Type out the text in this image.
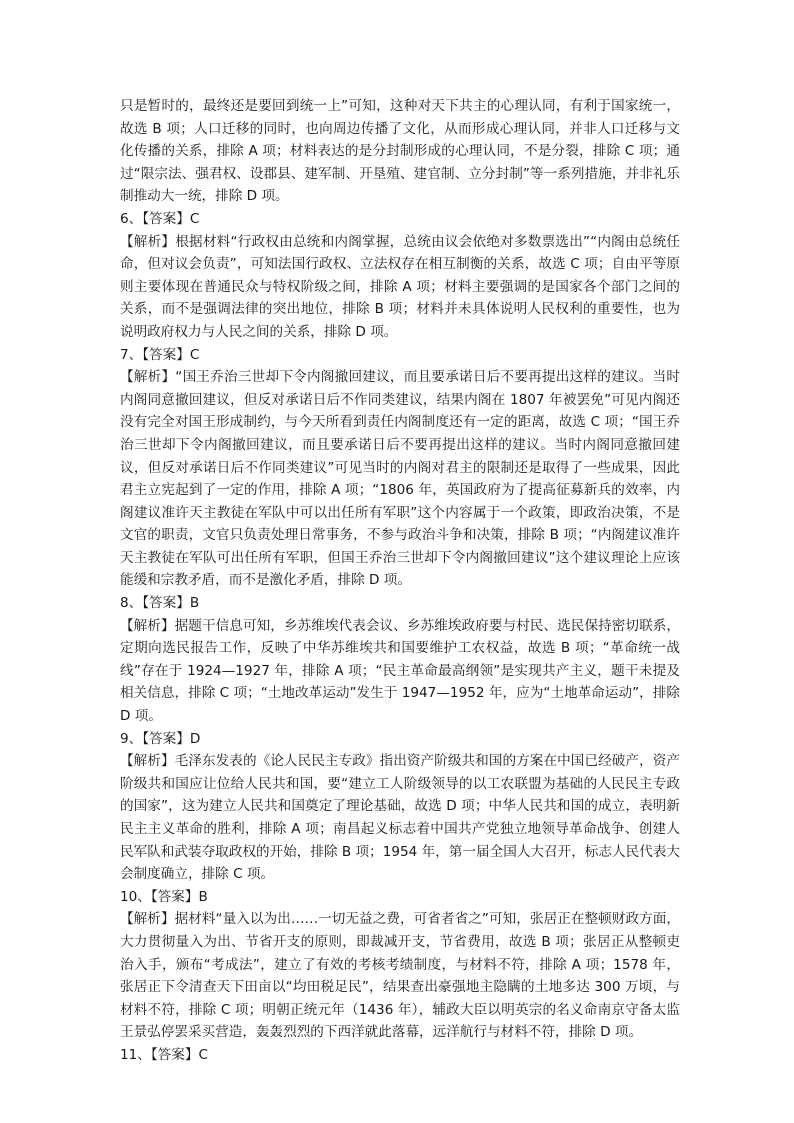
只是暂时的，最终还是要回到统一上”可知，这种对天下共主的心理认同，有利于国家统一，故选 B 项；人口迁移的同时，也向周边传播了文化，从而形成心理认同，并非人口迁移与文化传播的关系，排除 A 项；材料表达的是分封制形成的心理认同，不是分裂，排除 C 项；通过“限宗法、强君权、设郡县、建军制、开垦殖、建官制、立分封制”等一系列措施，并非礼乐制推动大一统，排除 D 项。

6、【答案】C

【解析】根据材料“行政权由总统和内阁掌握，总统由议会依绝对多数票选出”“内阁由总统任命，但对议会负责”，可知法国行政权、立法权存在相互制衡的关系，故选 C 项；自由平等原则主要体现在普通民众与特权阶级之间，排除 A 项；材料主要强调的是国家各个部门之间的关系，而不是强调法律的突出地位，排除 B 项；材料并未具体说明人民权利的重要性，也为说明政府权力与人民之间的关系，排除 D 项。

7、【答案】C

【解析】“国王乔治三世却下令内阁撤回建议，而且要承诺日后不要再提出这样的建议。当时内阁同意撤回建议，但反对承诺日后不作同类建议，结果内阁在 1807 年被罢免”可见内阁还没有完全对国王形成制约，与今天所看到责任内阁制度还有一定的距离，故选 C 项；“国王乔治三世却下令内阁撤回建议，而且要承诺日后不要再提出这样的建议。当时内阁同意撤回建议，但反对承诺日后不作同类建议”可见当时的内阁对君主的限制还是取得了一些成果，因此君主立宪起到了一定的作用，排除 A 项；“1806 年，英国政府为了提高征募新兵的效率，内阁建议准许天主教徒在军队中可以出任所有军职”这个内容属于一个政策，即政治决策，不是文官的职责，文官只负责处理日常事务，不参与政治斗争和决策，排除 B 项；“内阁建议准许天主教徒在军队可出任所有军职，但国王乔治三世却下令内阁撤回建议”这个建议理论上应该能缓和宗教矛盾，而不是激化矛盾，排除 D 项。

8、【答案】B

【解析】据题干信息可知，乡苏维埃代表会议、乡苏维埃政府要与村民、选民保持密切联系，定期向选民报告工作，反映了中华苏维埃共和国要维护工农权益，故选 B 项；“革命统一战线”存在于 1924—1927 年，排除 A 项；“民主革命最高纲领”是实现共产主义，题干未提及相关信息，排除 C 项；“土地改革运动”发生于 1947—1952 年，应为“土地革命运动”，排除 D 项。

9、【答案】D

【解析】毛泽东发表的《论人民民主专政》指出资产阶级共和国的方案在中国已经破产，资产阶级共和国应让位给人民共和国，要“建立工人阶级领导的以工农联盟为基础的人民民主专政的国家”，这为建立人民共和国奠定了理论基础，故选 D 项；中华人民共和国的成立，表明新民主主义革命的胜利，排除 A 项；南昌起义标志着中国共产党独立地领导革命战争、创建人民军队和武装夺取政权的开始，排除 B 项；1954 年，第一届全国人大召开，标志人民代表大会制度确立，排除 C 项。

10、【答案】B

【解析】据材料“量入以为出……一切无益之费，可省者省之”可知，张居正在整顿财政方面，大力贯彻量入为出、节省开支的原则，即裁减开支，节省费用，故选 B 项；张居正从整顿吏治入手，颁布“考成法”，建立了有效的考核考绩制度，与材料不符，排除 A 项；1578 年，张居正下令清查天下田亩以“均田税足民”，结果查出豪强地主隐瞒的土地多达 300 万顷，与材料不符，排除 C 项；明朝正统元年（1436 年），辅政大臣以明英宗的名义命南京守备太监王景弘停罢采买营造，轰轰烈烈的下西洋就此落幕，远洋航行与材料不符，排除 D 项。

11、【答案】C
